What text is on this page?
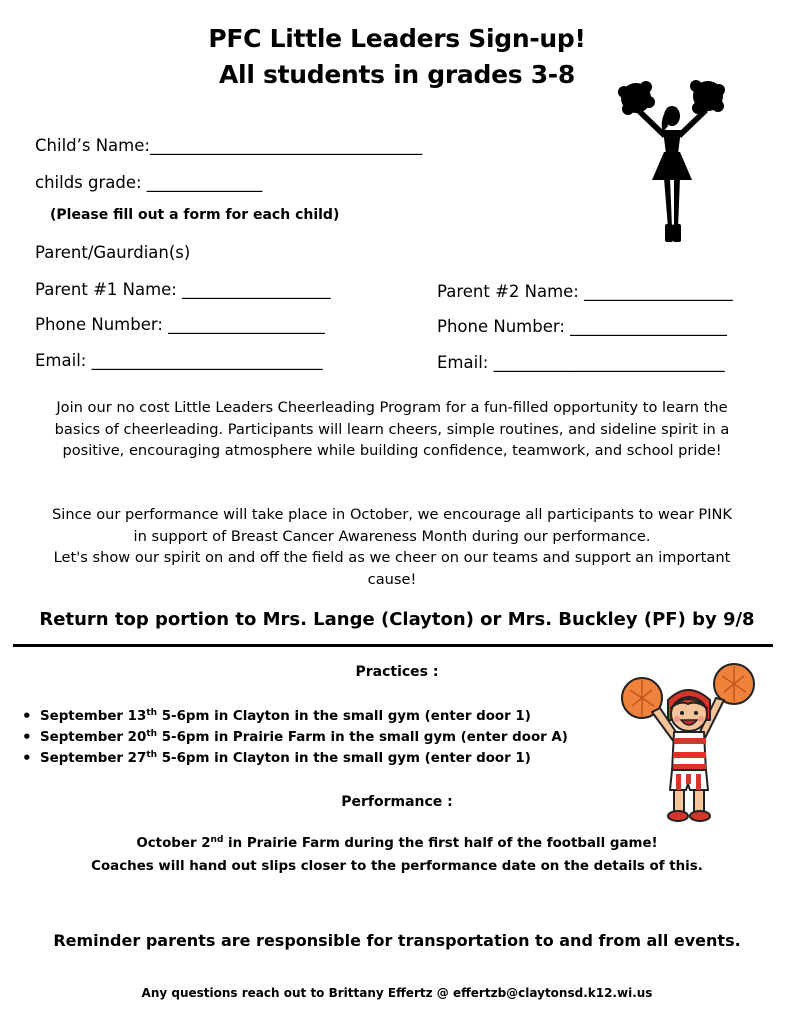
PFC Little Leaders Sign-up!
All students in grades 3-8
Child’s Name:_________________________________
childs grade: ______________
(Please fill out a form for each child)
Parent/Gaurdian(s)
Parent #1 Name: __________________
Phone Number: ___________________
Email: ____________________________
Parent #2 Name: __________________
Phone Number: ___________________
Email: ____________________________

Join our no cost Little Leaders Cheerleading Program for a fun-filled opportunity to learn the basics of cheerleading. Participants will learn cheers, simple routines, and sideline spirit in a positive, encouraging atmosphere while building confidence, teamwork, and school pride!

Since our performance will take place in October, we encourage all participants to wear PINK in support of Breast Cancer Awareness Month during our performance.

Let's show our spirit on and off the field as we cheer on our teams and support an important cause!

Return top portion to Mrs. Lange (Clayton) or Mrs. Buckley (PF) by 9/8
Practices :
• September 13th 5-6pm in Clayton in the small gym (enter door 1)
• September 20th 5-6pm in Prairie Farm in the small gym (enter door A)
• September 27th 5-6pm in Clayton in the small gym (enter door 1)
Performance :
October 2nd in Prairie Farm during the first half of the football game!
Coaches will hand out slips closer to the performance date on the details of this.
Reminder parents are responsible for transportation to and from all events.
Any questions reach out to Brittany Effertz @ effertzb@claytonsd.k12.wi.us
